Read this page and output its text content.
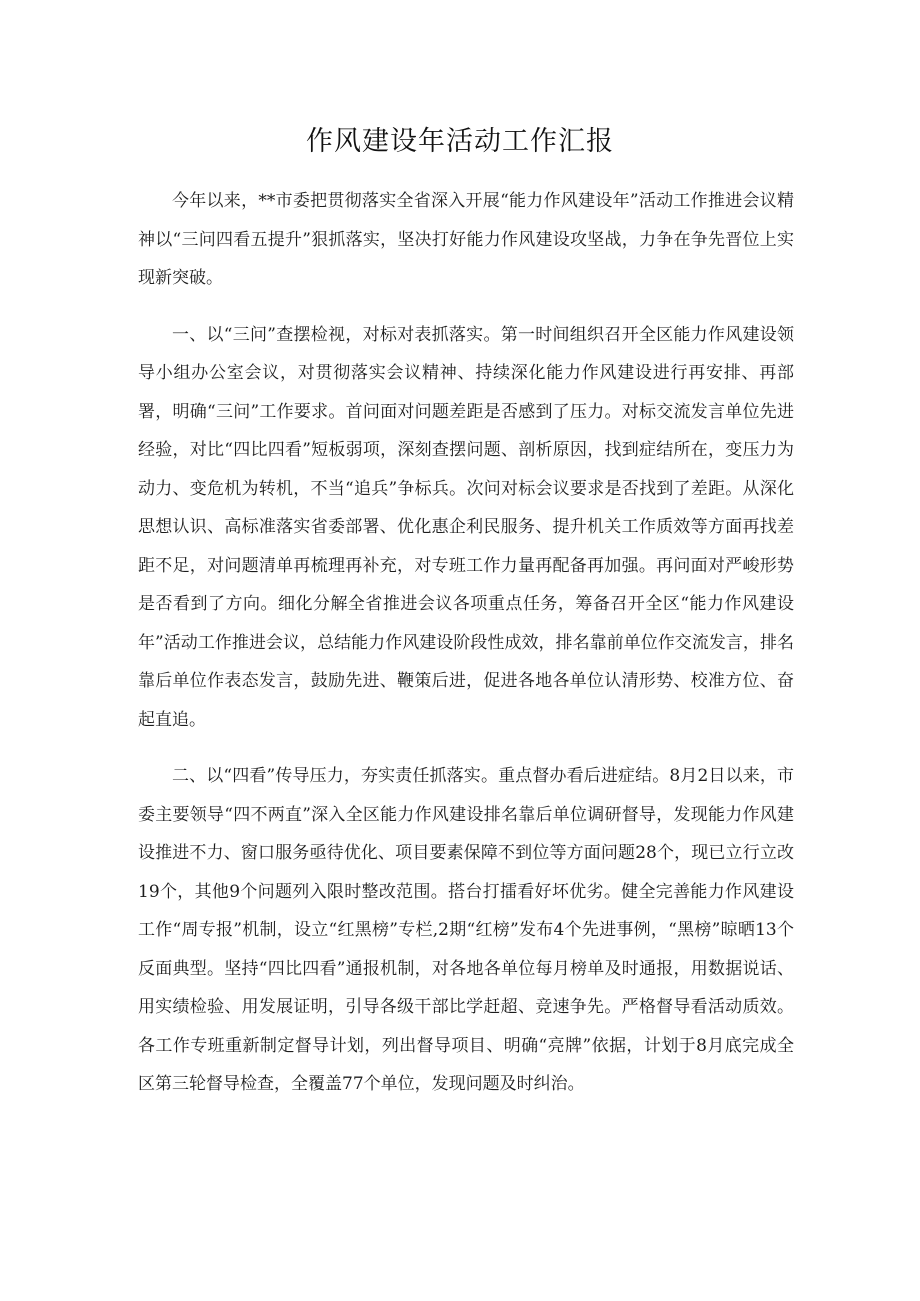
作风建设年活动工作汇报

今年以来，**市委把贯彻落实全省深入开展“能力作风建设年”活动工作推进会议精神以“三问四看五提升”狠抓落实，坚决打好能力作风建设攻坚战，力争在争先晋位上实现新突破。

一、以“三问”查摆检视，对标对表抓落实。第一时间组织召开全区能力作风建设领导小组办公室会议，对贯彻落实会议精神、持续深化能力作风建设进行再安排、再部署，明确“三问”工作要求。首问面对问题差距是否感到了压力。对标交流发言单位先进经验，对比“四比四看”短板弱项，深刻查摆问题、剖析原因，找到症结所在，变压力为动力、变危机为转机，不当“追兵”争标兵。次问对标会议要求是否找到了差距。从深化思想认识、高标准落实省委部署、优化惠企利民服务、提升机关工作质效等方面再找差距不足，对问题清单再梳理再补充，对专班工作力量再配备再加强。再问面对严峻形势是否看到了方向。细化分解全省推进会议各项重点任务，筹备召开全区“能力作风建设年”活动工作推进会议，总结能力作风建设阶段性成效，排名靠前单位作交流发言，排名靠后单位作表态发言，鼓励先进、鞭策后进，促进各地各单位认清形势、校准方位、奋起直追。

二、以“四看”传导压力，夯实责任抓落实。重点督办看后进症结。8月2日以来，市委主要领导“四不两直”深入全区能力作风建设排名靠后单位调研督导，发现能力作风建设推进不力、窗口服务亟待优化、项目要素保障不到位等方面问题28个，现已立行立改19个，其他9个问题列入限时整改范围。搭台打擂看好坏优劣。健全完善能力作风建设工作“周专报”机制，设立“红黑榜”专栏,2期“红榜”发布4个先进事例，“黑榜”晾晒13个反面典型。坚持“四比四看”通报机制，对各地各单位每月榜单及时通报，用数据说话、用实绩检验、用发展证明，引导各级干部比学赶超、竞速争先。严格督导看活动质效。各工作专班重新制定督导计划，列出督导项目、明确“亮牌”依据，计划于8月底完成全区第三轮督导检查，全覆盖77个单位，发现问题及时纠治。
